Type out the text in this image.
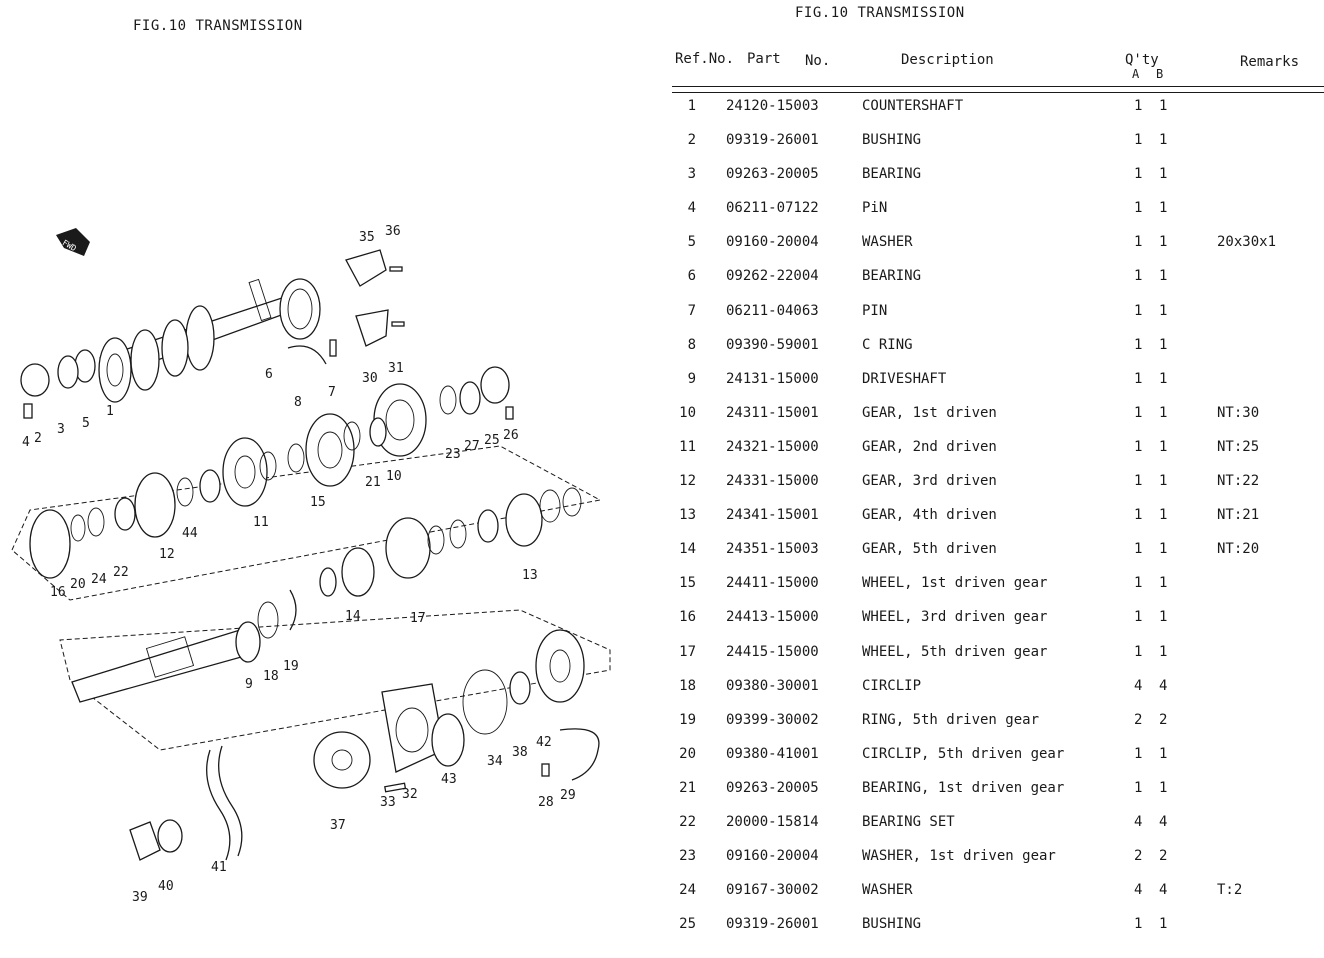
FIG.10 TRANSMISSION
FIG.10 TRANSMISSION
FWD
1
2
3
4
5
6
7
8
9
10
11
12
13
14
15
16
17
18
19
20
21
22
23
24
25 26
27
28 29
30
31
32
33
34
35 36
37
38
39
40
41
42
43
44
Ref.No. Part No.	Description	Q'ty
A B
Remarks
1 24120-15003	COUNTERSHAFT	1 1
2 09319-26001	BUSHING	1 1
3 09263-20005	BEARING	1 1
4 06211-07122	PiN	1 1
5 09160-20004	WASHER	1 1	20x30x1
6 09262-22004	BEARING	1 1
7 06211-04063	PIN	1 1
8 09390-59001	C RING	1 1
9 24131-15000	DRIVESHAFT	1 1
10 24311-15001	GEAR, 1st driven	1 1	NT:30
11 24321-15000	GEAR, 2nd driven	1 1	NT:25
12 24331-15000	GEAR, 3rd driven	1 1	NT:22
13 24341-15001	GEAR, 4th driven	1 1	NT:21
14 24351-15003	GEAR, 5th driven	1 1	NT:20
15 24411-15000	WHEEL, 1st driven gear	1 1
16 24413-15000	WHEEL, 3rd driven gear	1 1
17 24415-15000	WHEEL, 5th driven gear	1 1
18 09380-30001	CIRCLIP	4 4
19 09399-30002	RING, 5th driven gear	2 2
20 09380-41001	CIRCLIP, 5th driven gear	1 1
21 09263-20005	BEARING, 1st driven gear	1 1
22 20000-15814	BEARING SET	4 4
23 09160-20004	WASHER, 1st driven gear	2 2
24 09167-30002	WASHER	4 4	T:2
25 09319-26001	BUSHING	1 1
